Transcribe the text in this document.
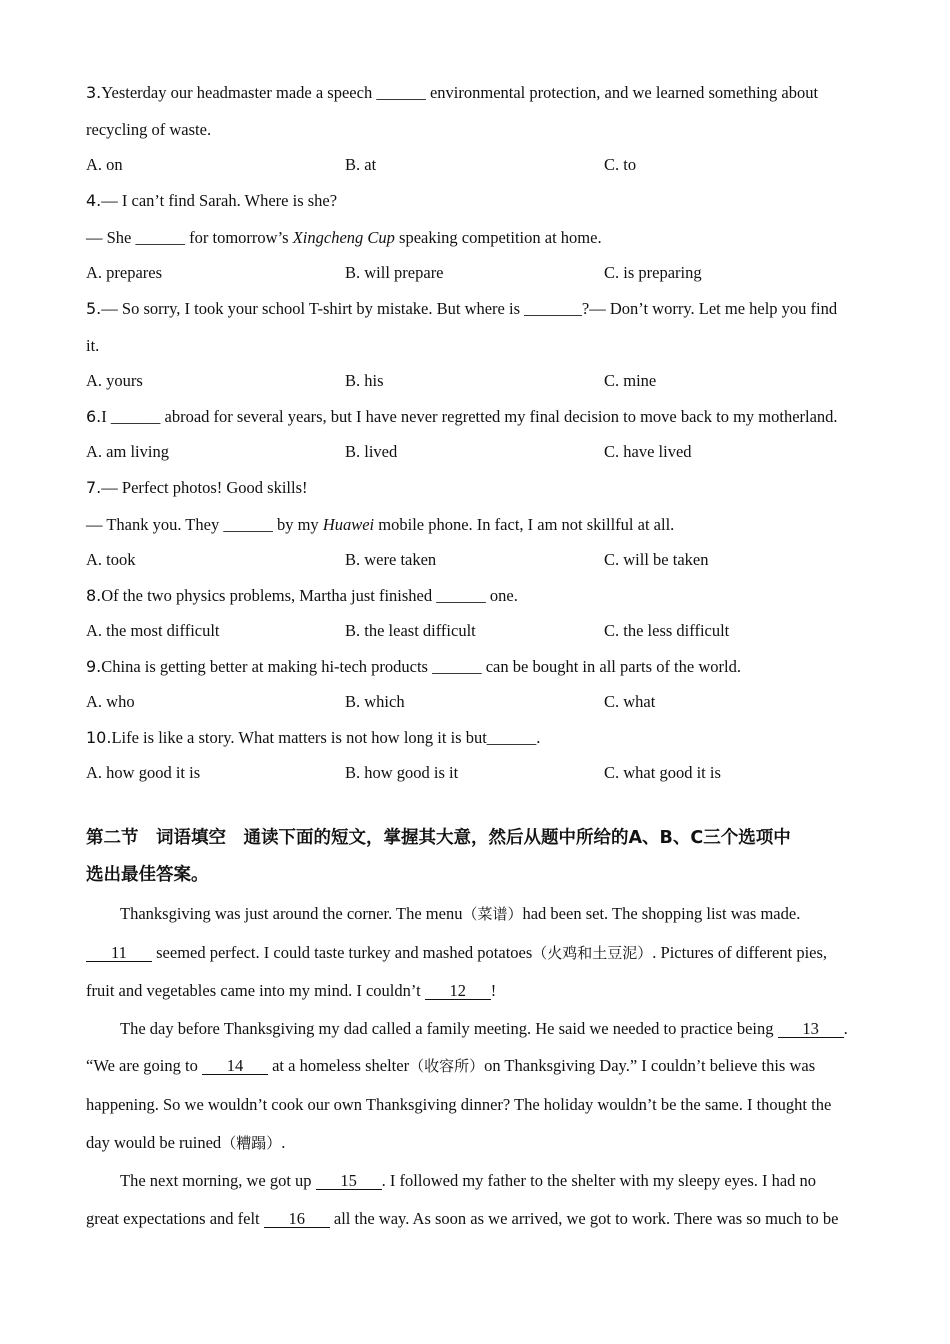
3.Yesterday our headmaster made a speech ______ environmental protection, and we learned something about

recycling of waste.

A. on	B. at	C. to

4.— I can’t find Sarah. Where is she?

— She ______ for tomorrow’s Xingcheng Cup speaking competition at home.

A. prepares	B. will prepare	C. is preparing

5.— So sorry, I took your school T-shirt by mistake. But where is _______?— Don’t worry. Let me help you find

it.

A. yours	B. his	C. mine

6.I ______ abroad for several years, but I have never regretted my final decision to move back to my motherland.

A. am living	B. lived	C. have lived

7.— Perfect photos! Good skills!

— Thank you. They ______ by my Huawei mobile phone. In fact, I am not skillful at all.

A. took	B. were taken	C. will be taken

8.Of the two physics problems, Martha just finished ______ one.

A. the most difficult	B. the least difficult	C. the less difficult

9.China is getting better at making hi-tech products ______ can be bought in all parts of the world.

A. who	B. which	C. what

10.Life is like a story. What matters is not how long it is but______.

A. how good it is	B. how good is it	C. what good it is

第二节　词语填空　通读下面的短文，掌握其大意，然后从题中所给的A、B、C三个选项中

选出最佳答案。

Thanksgiving was just around the corner. The menu（菜谱）had been set. The shopping list was made.

11 seemed perfect. I could taste turkey and mashed potatoes（火鸡和土豆泥）. Pictures of different pies,

fruit and vegetables came into my mind. I couldn’t 12 !

The day before Thanksgiving my dad called a family meeting. He said we needed to practice being 13 .

“We are going to 14 at a homeless shelter（收容所）on Thanksgiving Day.” I couldn’t believe this was

happening. So we wouldn’t cook our own Thanksgiving dinner? The holiday wouldn’t be the same. I thought the

day would be ruined（糟蹋）.

The next morning, we got up 15 . I followed my father to the shelter with my sleepy eyes. I had no

great expectations and felt 16 all the way. As soon as we arrived, we got to work. There was so much to be
